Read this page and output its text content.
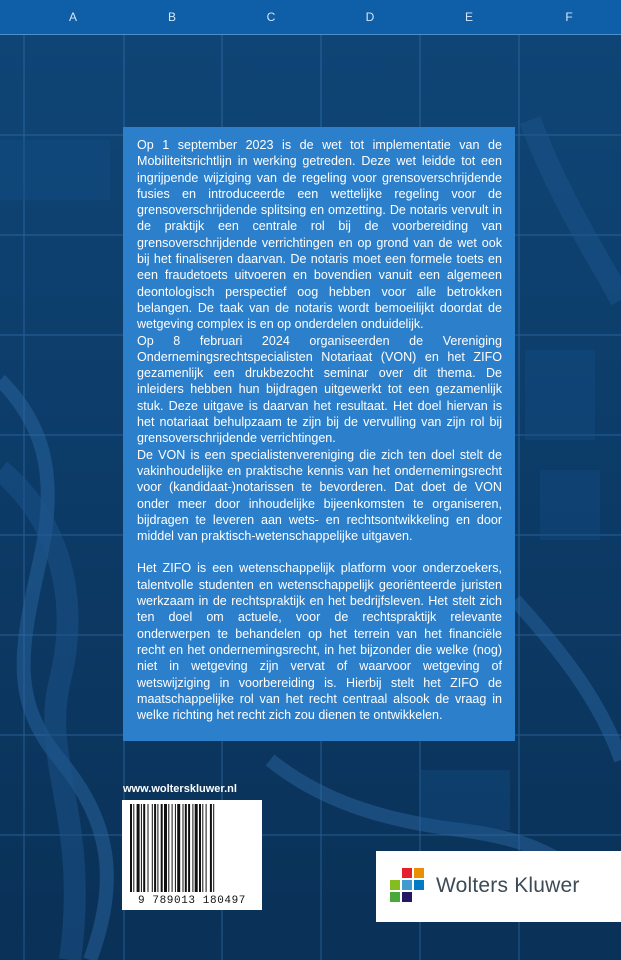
A	B	C	D	E	F

Op 1 september 2023 is de wet tot implementatie van de Mobiliteitsrichtlijn in werking getreden. Deze wet leidde tot een ingrijpende wijziging van de regeling voor grensoverschrijdende fusies en introduceerde een wettelijke regeling voor de grensoverschrijdende splitsing en omzetting. De notaris vervult in de praktijk een centrale rol bij de voorbereiding van grensoverschrijdende verrichtingen en op grond van de wet ook bij het finaliseren daarvan. De notaris moet een formele toets en een fraudetoets uitvoeren en bovendien vanuit een algemeen deontologisch perspectief oog hebben voor alle betrokken belangen. De taak van de notaris wordt bemoeilijkt doordat de wetgeving complex is en op onderdelen onduidelijk.

Op 8 februari 2024 organiseerden de Vereniging Ondernemingsrechtspecialisten Notariaat (VON) en het ZIFO gezamenlijk een drukbezocht seminar over dit thema. De inleiders hebben hun bijdragen uitgewerkt tot een gezamenlijk stuk. Deze uitgave is daarvan het resultaat. Het doel hiervan is het notariaat behulpzaam te zijn bij de vervulling van zijn rol bij grensoverschrijdende verrichtingen.

De VON is een specialistenvereniging die zich ten doel stelt de vakinhoudelijke en praktische kennis van het ondernemingsrecht voor (kandidaat-)notarissen te bevorderen. Dat doet de VON onder meer door inhoudelijke bijeenkomsten te organiseren, bijdragen te leveren aan wets- en rechtsontwikkeling en door middel van praktisch-wetenschappelijke uitgaven.

Het ZIFO is een wetenschappelijk platform voor onderzoekers, talentvolle studenten en wetenschappelijk georiënteerde juristen werkzaam in de rechtspraktijk en het bedrijfsleven. Het stelt zich ten doel om actuele, voor de rechtspraktijk relevante onderwerpen te behandelen op het terrein van het financiële recht en het ondernemingsrecht, in het bijzonder die welke (nog) niet in wetgeving zijn vervat of waarvoor wetgeving of wetswijziging in voorbereiding is. Hierbij stelt het ZIFO de maatschappelijke rol van het recht centraal alsook de vraag in welke richting het recht zich zou dienen te ontwikkelen.

www.wolterskluwer.nl
9 789013 180497
Wolters Kluwer
